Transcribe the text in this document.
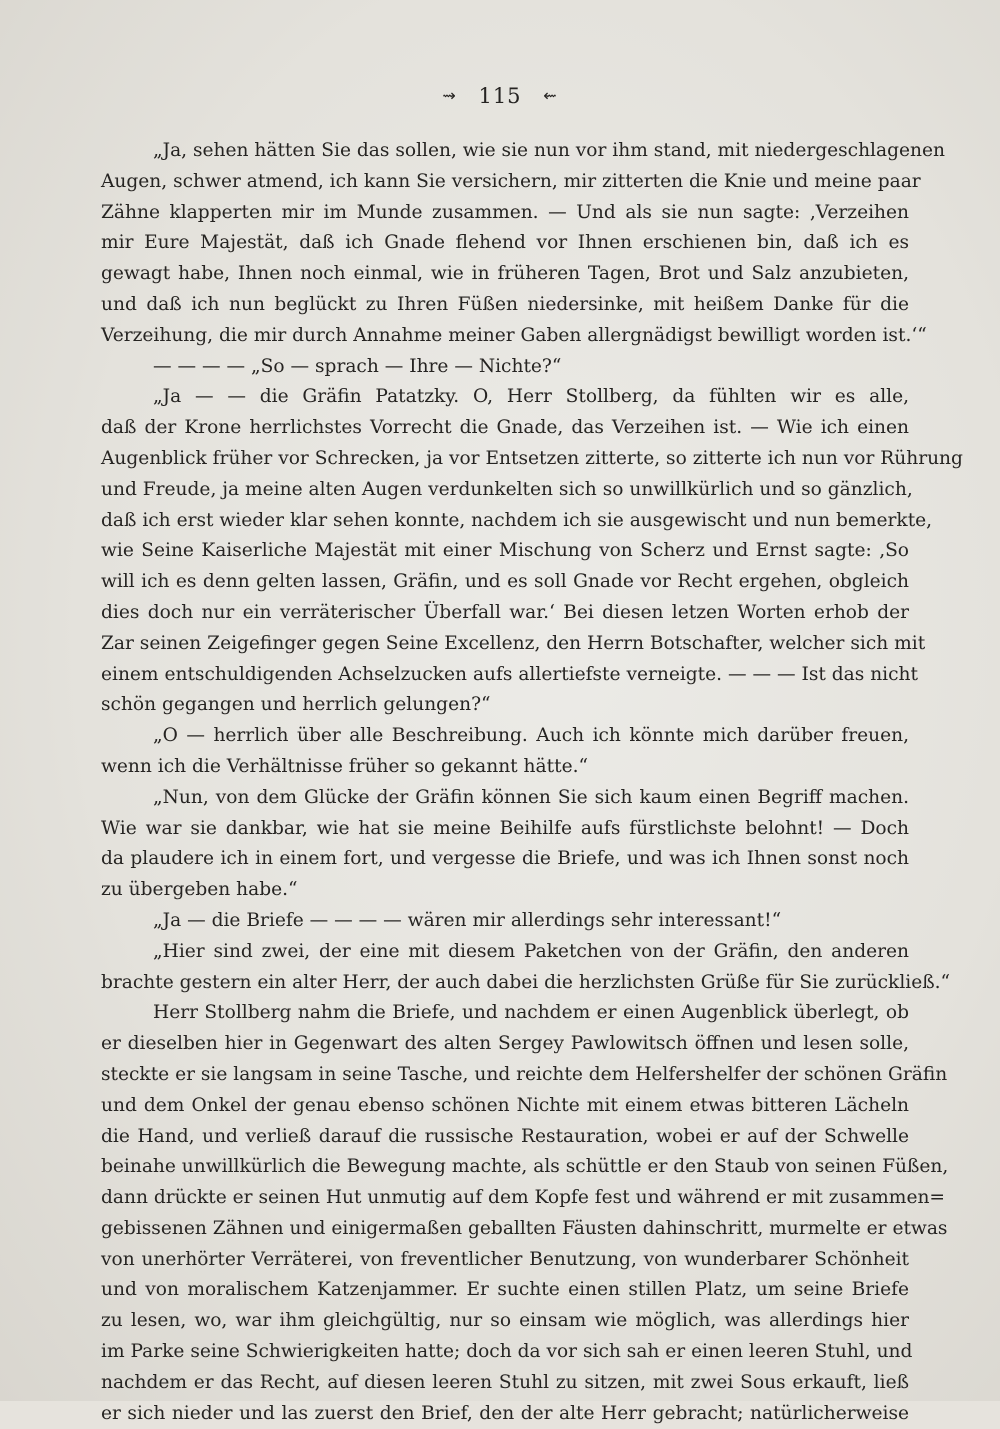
⇝ 115 ⇜
„Ja, sehen hätten Sie das sollen, wie sie nun vor ihm stand, mit niedergeschlagenen
Augen, schwer atmend, ich kann Sie versichern, mir zitterten die Knie und meine paar
Zähne klapperten mir im Munde zusammen. — Und als sie nun sagte: ‚Verzeihen
mir Eure Majestät, daß ich Gnade flehend vor Ihnen erschienen bin, daß ich es
gewagt habe, Ihnen noch einmal, wie in früheren Tagen, Brot und Salz anzubieten,
und daß ich nun beglückt zu Ihren Füßen niedersinke, mit heißem Danke für die
Verzeihung, die mir durch Annahme meiner Gaben allergnädigst bewilligt worden ist.‘“
— — — — „So — sprach — Ihre — Nichte?“
„Ja — — die Gräfin Patatzky. O, Herr Stollberg, da fühlten wir es alle,
daß der Krone herrlichstes Vorrecht die Gnade, das Verzeihen ist. — Wie ich einen
Augenblick früher vor Schrecken, ja vor Entsetzen zitterte, so zitterte ich nun vor Rührung
und Freude, ja meine alten Augen verdunkelten sich so unwillkürlich und so gänzlich,
daß ich erst wieder klar sehen konnte, nachdem ich sie ausgewischt und nun bemerkte,
wie Seine Kaiserliche Majestät mit einer Mischung von Scherz und Ernst sagte: ‚So
will ich es denn gelten lassen, Gräfin, und es soll Gnade vor Recht ergehen, obgleich
dies doch nur ein verräterischer Überfall war.‘ Bei diesen letzen Worten erhob der
Zar seinen Zeigefinger gegen Seine Excellenz, den Herrn Botschafter, welcher sich mit
einem entschuldigenden Achselzucken aufs allertiefste verneigte. — — — Ist das nicht
schön gegangen und herrlich gelungen?“
„O — herrlich über alle Beschreibung. Auch ich könnte mich darüber freuen,
wenn ich die Verhältnisse früher so gekannt hätte.“
„Nun, von dem Glücke der Gräfin können Sie sich kaum einen Begriff machen.
Wie war sie dankbar, wie hat sie meine Beihilfe aufs fürstlichste belohnt! — Doch
da plaudere ich in einem fort, und vergesse die Briefe, und was ich Ihnen sonst noch
zu übergeben habe.“
„Ja — die Briefe — — — — wären mir allerdings sehr interessant!“
„Hier sind zwei, der eine mit diesem Paketchen von der Gräfin, den anderen
brachte gestern ein alter Herr, der auch dabei die herzlichsten Grüße für Sie zurückließ.“
Herr Stollberg nahm die Briefe, und nachdem er einen Augenblick überlegt, ob
er dieselben hier in Gegenwart des alten Sergey Pawlowitsch öffnen und lesen solle,
steckte er sie langsam in seine Tasche, und reichte dem Helfershelfer der schönen Gräfin
und dem Onkel der genau ebenso schönen Nichte mit einem etwas bitteren Lächeln
die Hand, und verließ darauf die russische Restauration, wobei er auf der Schwelle
beinahe unwillkürlich die Bewegung machte, als schüttle er den Staub von seinen Füßen,
dann drückte er seinen Hut unmutig auf dem Kopfe fest und während er mit zusammen=
gebissenen Zähnen und einigermaßen geballten Fäusten dahinschritt, murmelte er etwas
von unerhörter Verräterei, von freventlicher Benutzung, von wunderbarer Schönheit
und von moralischem Katzenjammer. Er suchte einen stillen Platz, um seine Briefe
zu lesen, wo, war ihm gleichgültig, nur so einsam wie möglich, was allerdings hier
im Parke seine Schwierigkeiten hatte; doch da vor sich sah er einen leeren Stuhl, und
nachdem er das Recht, auf diesen leeren Stuhl zu sitzen, mit zwei Sous erkauft, ließ
er sich nieder und las zuerst den Brief, den der alte Herr gebracht; natürlicherweise
